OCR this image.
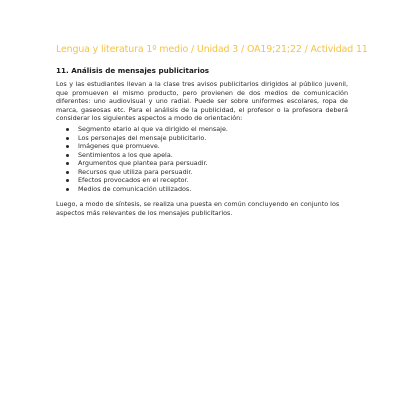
Lengua y literatura 1º medio / Unidad 3 / OA19;21;22 / Actividad 11
11. Análisis de mensajes publicitarios

Los y las estudiantes llevan a la clase tres avisos publicitarios dirigidos al público juvenil, que promueven el mismo producto, pero provienen de dos medios de comunicación diferentes: uno audiovisual y uno radial. Puede ser sobre uniformes escolares, ropa de marca, gaseosas etc. Para el análisis de la publicidad, el profesor o la profesora deberá considerar los siguientes aspectos a modo de orientación:

Segmento etario al que va dirigido el mensaje.
Los personajes del mensaje publicitario.
Imágenes que promueve.
Sentimientos a los que apela.
Argumentos que plantea para persuadir.
Recursos que utiliza para persuadir.
Efectos provocados en el receptor.
Medios de comunicación utilizados.

Luego, a modo de síntesis, se realiza una puesta en común concluyendo en conjunto los aspectos más relevantes de los mensajes publicitarios.
